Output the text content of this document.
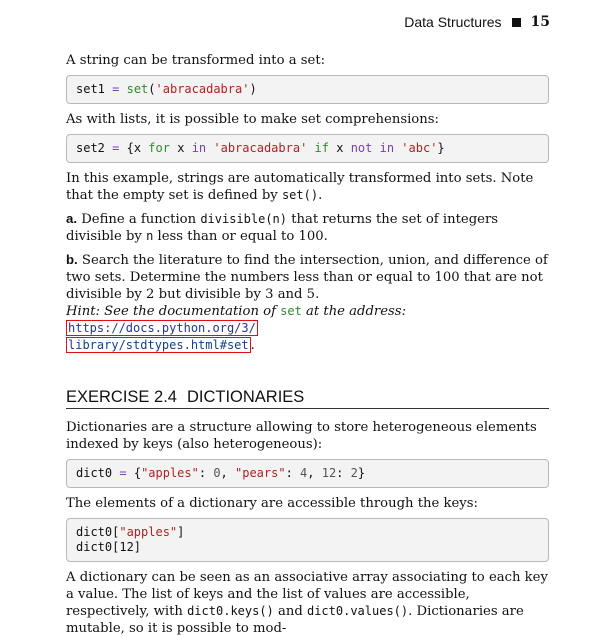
Data Structures 15

A string can be transformed into a set:

set1 = set('abracadabra')

As with lists, it is possible to make set comprehensions:

set2 = {x for x in 'abracadabra' if x not in 'abc'}

In this example, strings are automatically transformed into sets. Note that the empty set is defined by set().

a. Define a function divisible(n) that returns the set of integers divisible by n less than or equal to 100.

b. Search the literature to find the intersection, union, and difference of two sets. Determine the numbers less than or equal to 100 that are not divisible by 2 but divisible by 3 and 5.

Hint: See the documentation of set at the address: https://docs.python.org/3/
library/stdtypes.html#set .

EXERCISE 2.4 DICTIONARIES

Dictionaries are a structure allowing to store heterogeneous elements indexed by keys (also heterogeneous):

dict0 = {"apples": 0, "pears": 4, 12: 2}

The elements of a dictionary are accessible through the keys:

dict0["apples"]
dict0[12]

A dictionary can be seen as an associative array associating to each key a value. The list of keys and the list of values are accessible, respectively, with dict0.keys() and dict0.values(). Dictionaries are mutable, so it is possible to mod-
